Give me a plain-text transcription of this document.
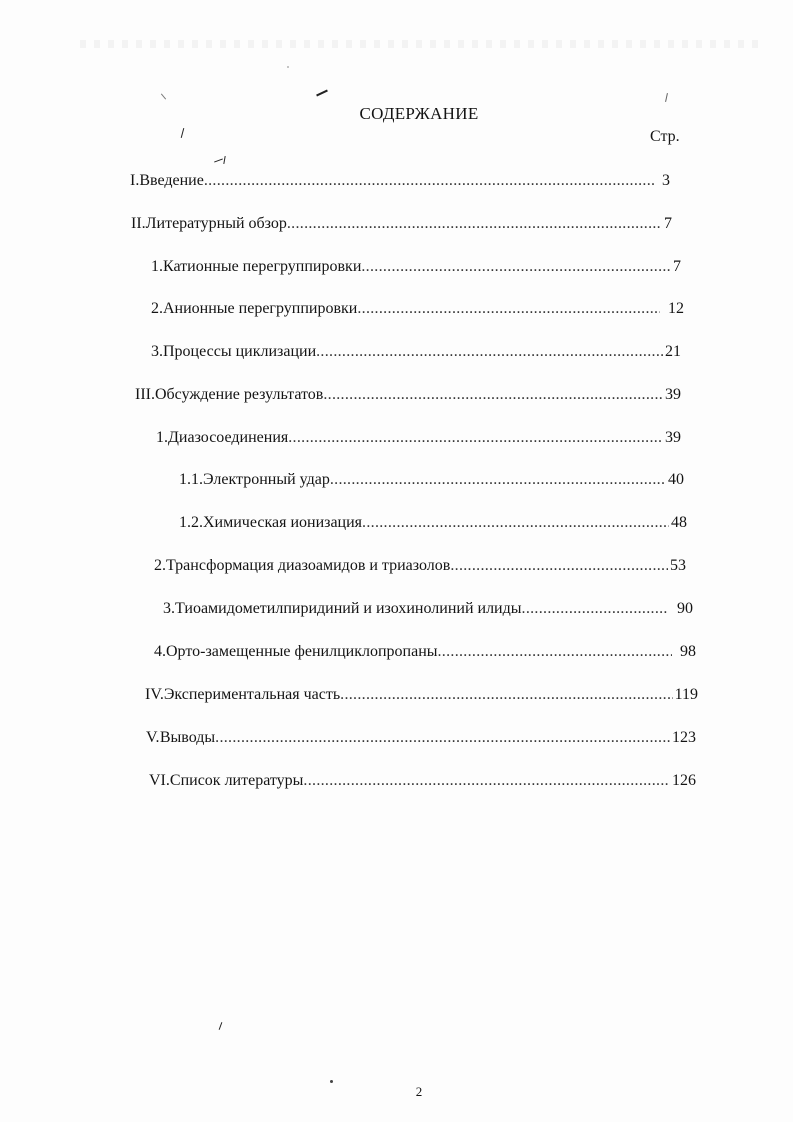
СОДЕРЖАНИЕ
Стр.
I. Введение .....	3
II. Литературный обзор .....	7
1. Катионные перегруппировки .....	7
2. Анионные перегруппировки .....	12
3. Процессы циклизации .....	21
III. Обсуждение результатов .....	39
1. Диазосоединения .....	39
1.1. Электронный удар .....	40
1.2. Химическая ионизация .....	48
2. Трансформация диазоамидов и триазолов .....	53
3. Тиоамидометилпиридиний и изохинолиний илиды .....	90
4. Орто-замещенные фенилциклопропаны .....	98
IV. Экспериментальная часть .....	119
V. Выводы .....	123
VI. Список литературы .....	126
2
